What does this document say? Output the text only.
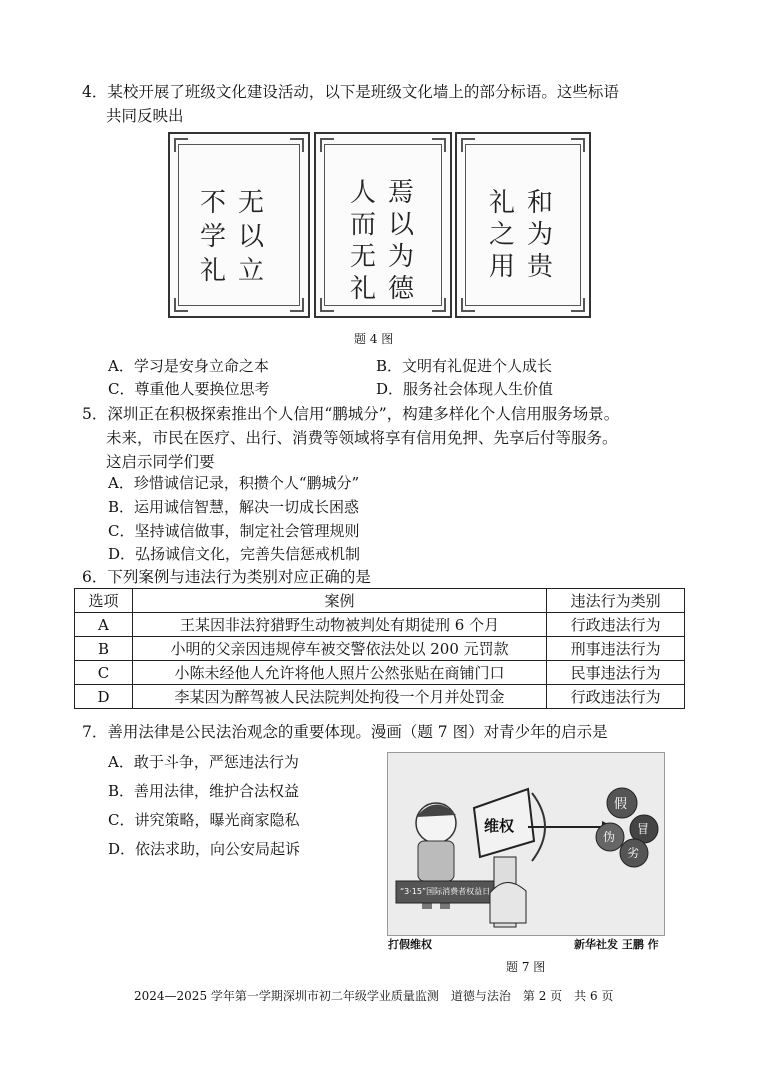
4．某校开展了班级文化建设活动，以下是班级文化墙上的部分标语。这些标语
共同反映出
无
以
立
不
学
礼
焉
以
为
德
人
而
无
礼
和
为
贵
礼
之
用
题 4 图
A．学习是安身立命之本	B．文明有礼促进个人成长
C．尊重他人要换位思考	D．服务社会体现人生价值
5．深圳正在积极探索推出个人信用“鹏城分”，构建多样化个人信用服务场景。
未来，市民在医疗、出行、消费等领域将享有信用免押、先享后付等服务。
这启示同学们要
A．珍惜诚信记录，积攒个人“鹏城分”
B．运用诚信智慧，解决一切成长困惑
C．坚持诚信做事，制定社会管理规则
D．弘扬诚信文化，完善失信惩戒机制
6．下列案例与违法行为类别对应正确的是
选项	案例	违法行为类别
A	王某因非法狩猎野生动物被判处有期徒刑 6 个月	行政违法行为
B	小明的父亲因违规停车被交警依法处以 200 元罚款	刑事违法行为
C	小陈未经他人允许将他人照片公然张贴在商铺门口	民事违法行为
D	李某因为醉驾被人民法院判处拘役一个月并处罚金	行政违法行为
7．善用法律是公民法治观念的重要体现。漫画（题 7 图）对青少年的启示是
A．敢于斗争，严惩违法行为
B．善用法律，维护合法权益
C．讲究策略，曝光商家隐私
D．依法求助，向公安局起诉
维权
“3·15”国际消费者权益日
假
冒
伪
劣
打假维权	新华社发 王鹏 作
题 7 图
2024—2025 学年第一学期深圳市初二年级学业质量监测　道德与法治　第 2 页　共 6 页
